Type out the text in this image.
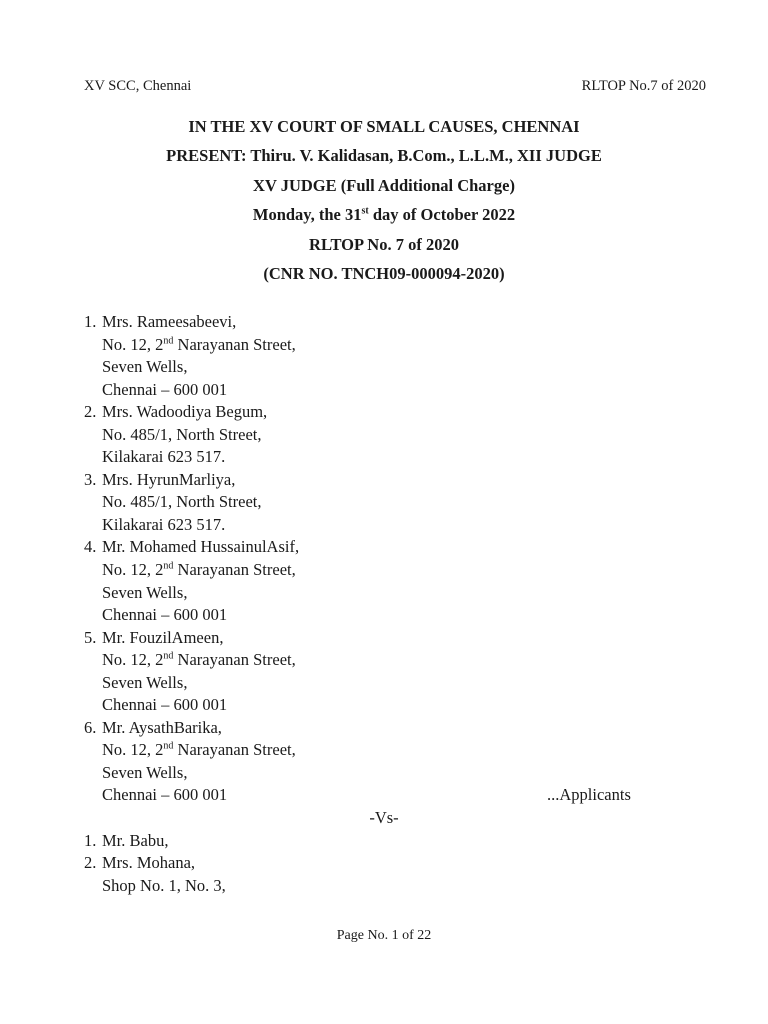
XV SCC, Chennai	RLTOP No.7 of 2020
IN THE XV COURT OF SMALL CAUSES, CHENNAI
PRESENT: Thiru. V. Kalidasan, B.Com., L.L.M., XII JUDGE
XV JUDGE (Full Additional Charge)
Monday, the 31st day of October 2022
RLTOP No. 7 of 2020
(CNR NO. TNCH09-000094-2020)
1. Mrs. Rameesabeevi,
No. 12, 2nd Narayanan Street,
Seven Wells,
Chennai – 600 001
2. Mrs. Wadoodiya Begum,
No. 485/1, North Street,
Kilakarai 623 517.
3. Mrs. HyrunMarliya,
No. 485/1, North Street,
Kilakarai 623 517.
4. Mr. Mohamed HussainulAsif,
No. 12, 2nd Narayanan Street,
Seven Wells,
Chennai – 600 001
5. Mr. FouzilAmeen,
No. 12, 2nd Narayanan Street,
Seven Wells,
Chennai – 600 001
6. Mr. AysathBarika,
No. 12, 2nd Narayanan Street,
Seven Wells,
Chennai – 600 001	...Applicants
-Vs-
1. Mr. Babu,
2. Mrs. Mohana,
Shop No. 1, No. 3,
Page No. 1 of 22
